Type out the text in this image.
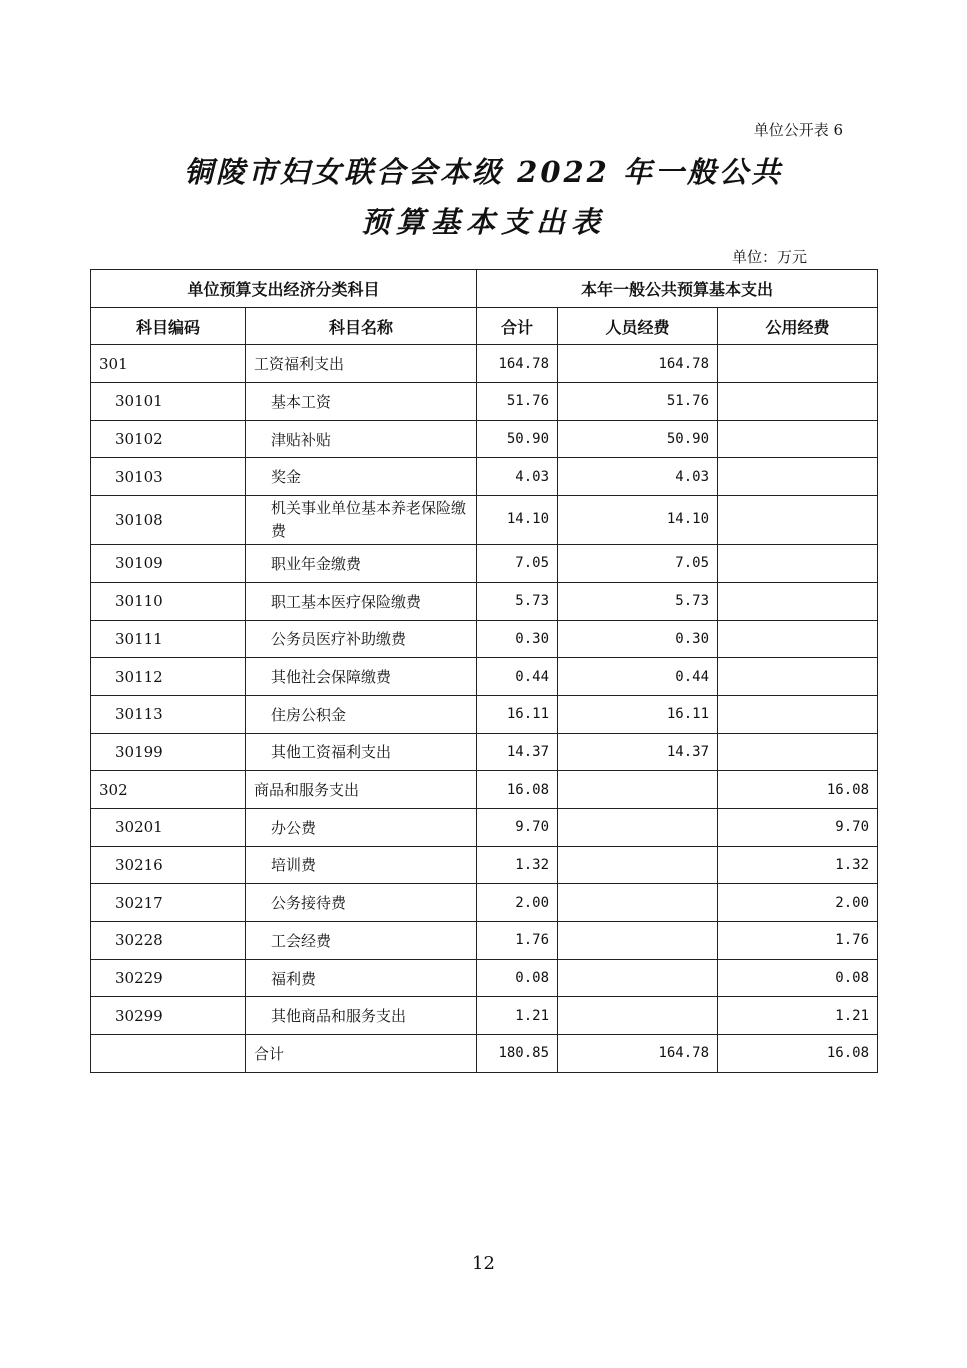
单位公开表 6
铜陵市妇女联合会本级 2022 年一般公共
预算基本支出表
单位：万元
单位预算支出经济分类科目		本年一般公共预算基本支出		
科目编码	科目名称	合计	人员经费	公用经费
301	工资福利支出	164.78	164.78	
30101	基本工资	51.76	51.76	
30102	津贴补贴	50.90	50.90	
30103	奖金	4.03	4.03	
30108	机关事业单位基本养老保险缴费	14.10	14.10	
30109	职业年金缴费	7.05	7.05	
30110	职工基本医疗保险缴费	5.73	5.73	
30111	公务员医疗补助缴费	0.30	0.30	
30112	其他社会保障缴费	0.44	0.44	
30113	住房公积金	16.11	16.11	
30199	其他工资福利支出	14.37	14.37	
302	商品和服务支出	16.08		16.08
30201	办公费	9.70		9.70
30216	培训费	1.32		1.32
30217	公务接待费	2.00		2.00
30228	工会经费	1.76		1.76
30229	福利费	0.08		0.08
30299	其他商品和服务支出	1.21		1.21
	合计	180.85	164.78	16.08
12
